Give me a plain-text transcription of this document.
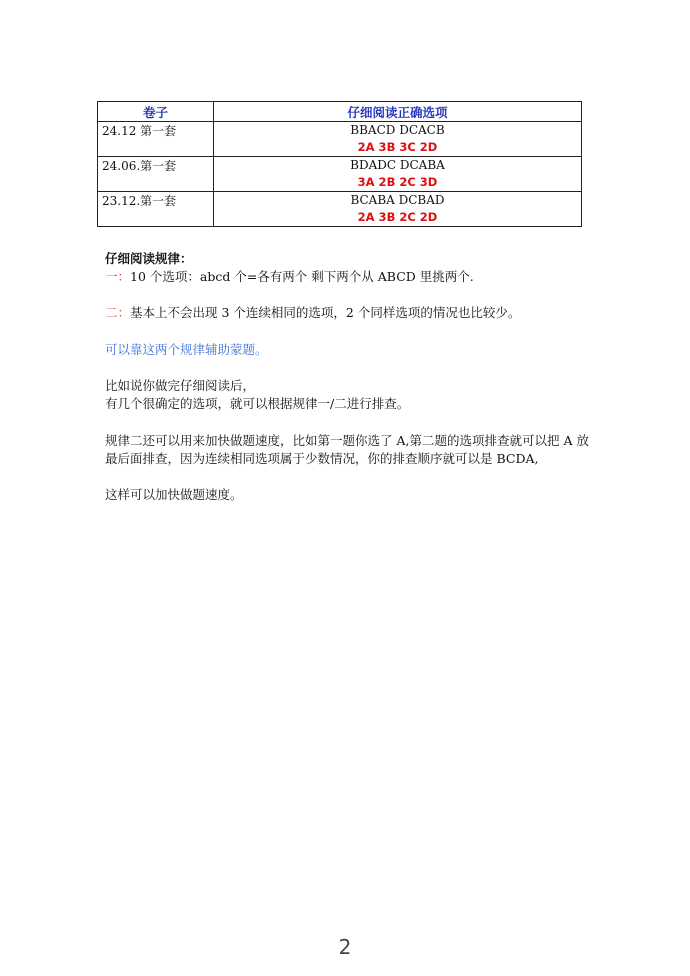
卷子	仔细阅读正确选项
24.12 第一套	BBACD DCACB
2A 3B 3C 2D

24.06.第一套	BDADC DCABA
3A 2B 2C 3D

23.12.第一套	BCABA DCBAD
2A 3B 2C 2D
仔细阅读规律：
一：10 个选项：abcd 个=各有两个 剩下两个从 ABCD 里挑两个.
二：基本上不会出现 3 个连续相同的选项，2 个同样选项的情况也比较少。
可以靠这两个规律辅助蒙题。
比如说你做完仔细阅读后，
有几个很确定的选项，就可以根据规律一/二进行排查。
规律二还可以用来加快做题速度，比如第一题你选了 A,第二题的选项排查就可以把 A 放最后面排查，因为连续相同选项属于少数情况，你的排查顺序就可以是 BCDA,
这样可以加快做题速度。
2
